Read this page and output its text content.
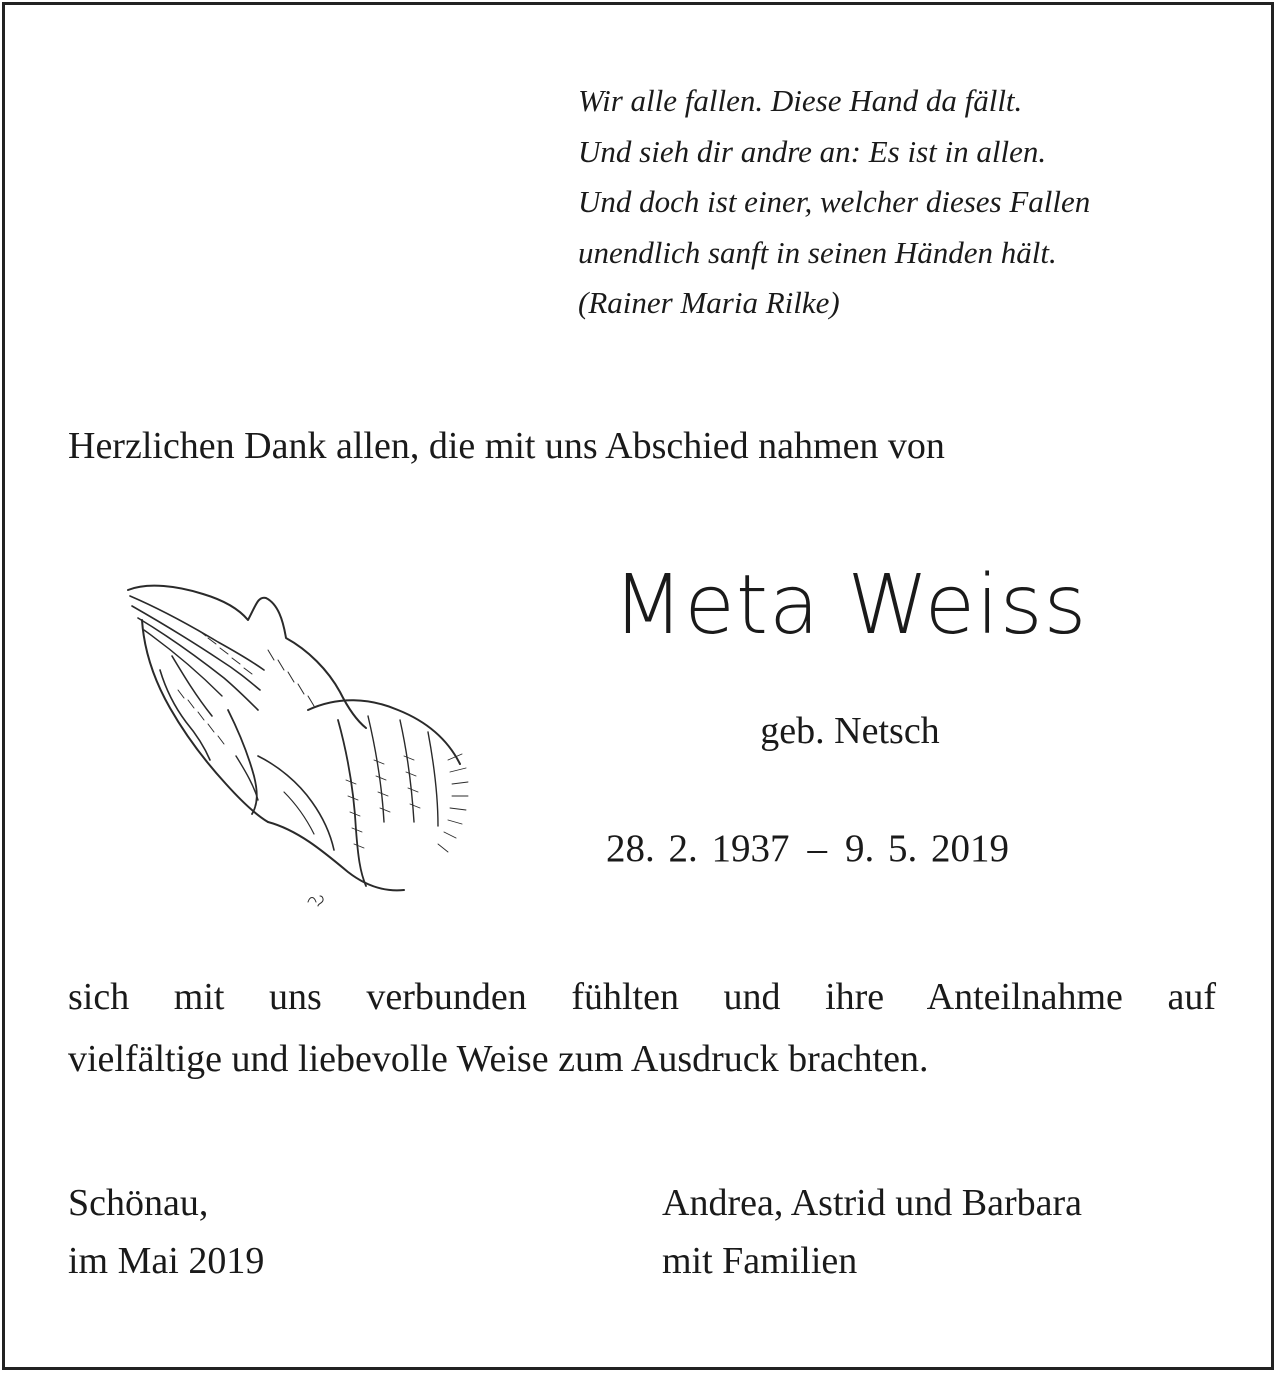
Wir alle fallen. Diese Hand da fällt.
Und sieh dir andre an: Es ist in allen.
Und doch ist einer, welcher dieses Fallen
unendlich sanft in seinen Händen hält.
(Rainer Maria Rilke)
Herzlichen Dank allen, die mit uns Abschied nahmen von
Meta Weiss
geb. Netsch
28. 2. 1937 – 9. 5. 2019
sich mit uns verbunden fühlten und ihre Anteilnahme auf
vielfältige und liebevolle Weise zum Ausdruck brachten.
Schönau,
im Mai 2019
Andrea, Astrid und Barbara
mit Familien
